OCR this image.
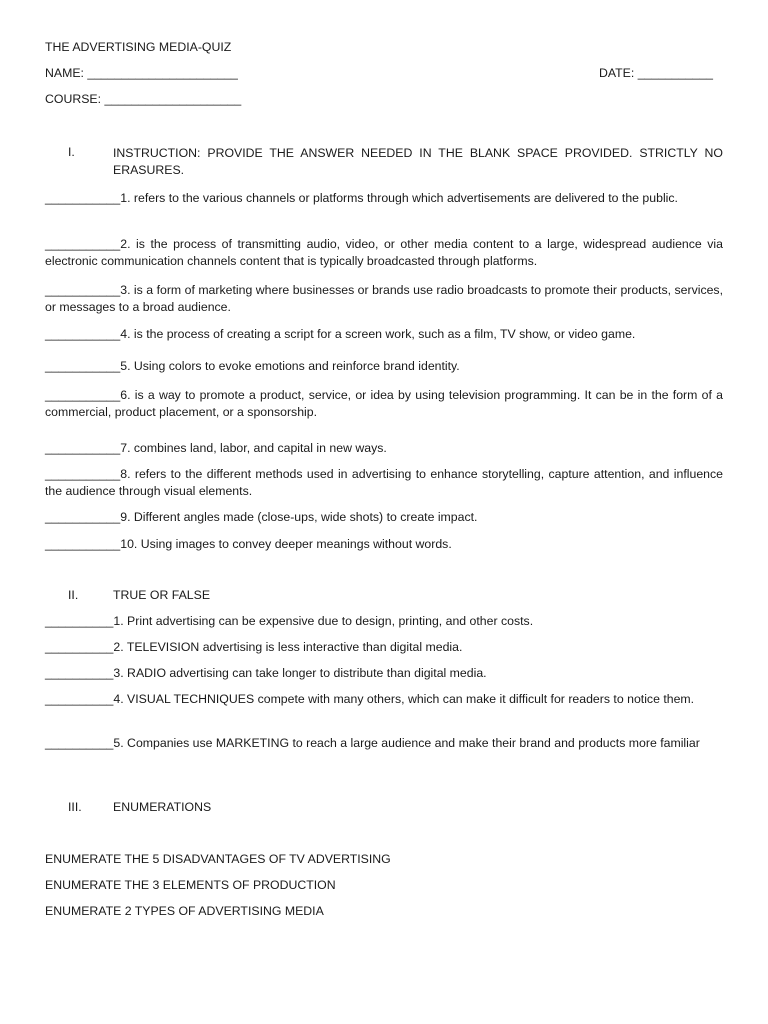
THE ADVERTISING MEDIA-QUIZ
NAME: ______________________	DATE: ___________
COURSE: ____________________
I.	INSTRUCTION: PROVIDE THE ANSWER NEEDED IN THE BLANK SPACE PROVIDED. STRICTLY NO ERASURES.
___________1. refers to the various channels or platforms through which advertisements are delivered to the public.
___________2. is the process of transmitting audio, video, or other media content to a large, widespread audience via electronic communication channels content that is typically broadcasted through platforms.
___________3. is a form of marketing where businesses or brands use radio broadcasts to promote their products, services, or messages to a broad audience.
___________4. is the process of creating a script for a screen work, such as a film, TV show, or video game.
___________5. Using colors to evoke emotions and reinforce brand identity.
___________6. is a way to promote a product, service, or idea by using television programming. It can be in the form of a commercial, product placement, or a sponsorship.
___________7. combines land, labor, and capital in new ways.
___________8. refers to the different methods used in advertising to enhance storytelling, capture attention, and influence the audience through visual elements.
___________9. Different angles made (close-ups, wide shots) to create impact.
___________10. Using images to convey deeper meanings without words.
II.	TRUE OR FALSE
__________1. Print advertising can be expensive due to design, printing, and other costs.
__________2. TELEVISION advertising is less interactive than digital media.
__________3. RADIO advertising can take longer to distribute than digital media.
__________4. VISUAL TECHNIQUES compete with many others, which can make it difficult for readers to notice them.
__________5. Companies use MARKETING to reach a large audience and make their brand and products more familiar
III.	ENUMERATIONS
ENUMERATE THE 5 DISADVANTAGES OF TV ADVERTISING
ENUMERATE THE 3 ELEMENTS OF PRODUCTION
ENUMERATE 2 TYPES OF ADVERTISING MEDIA
